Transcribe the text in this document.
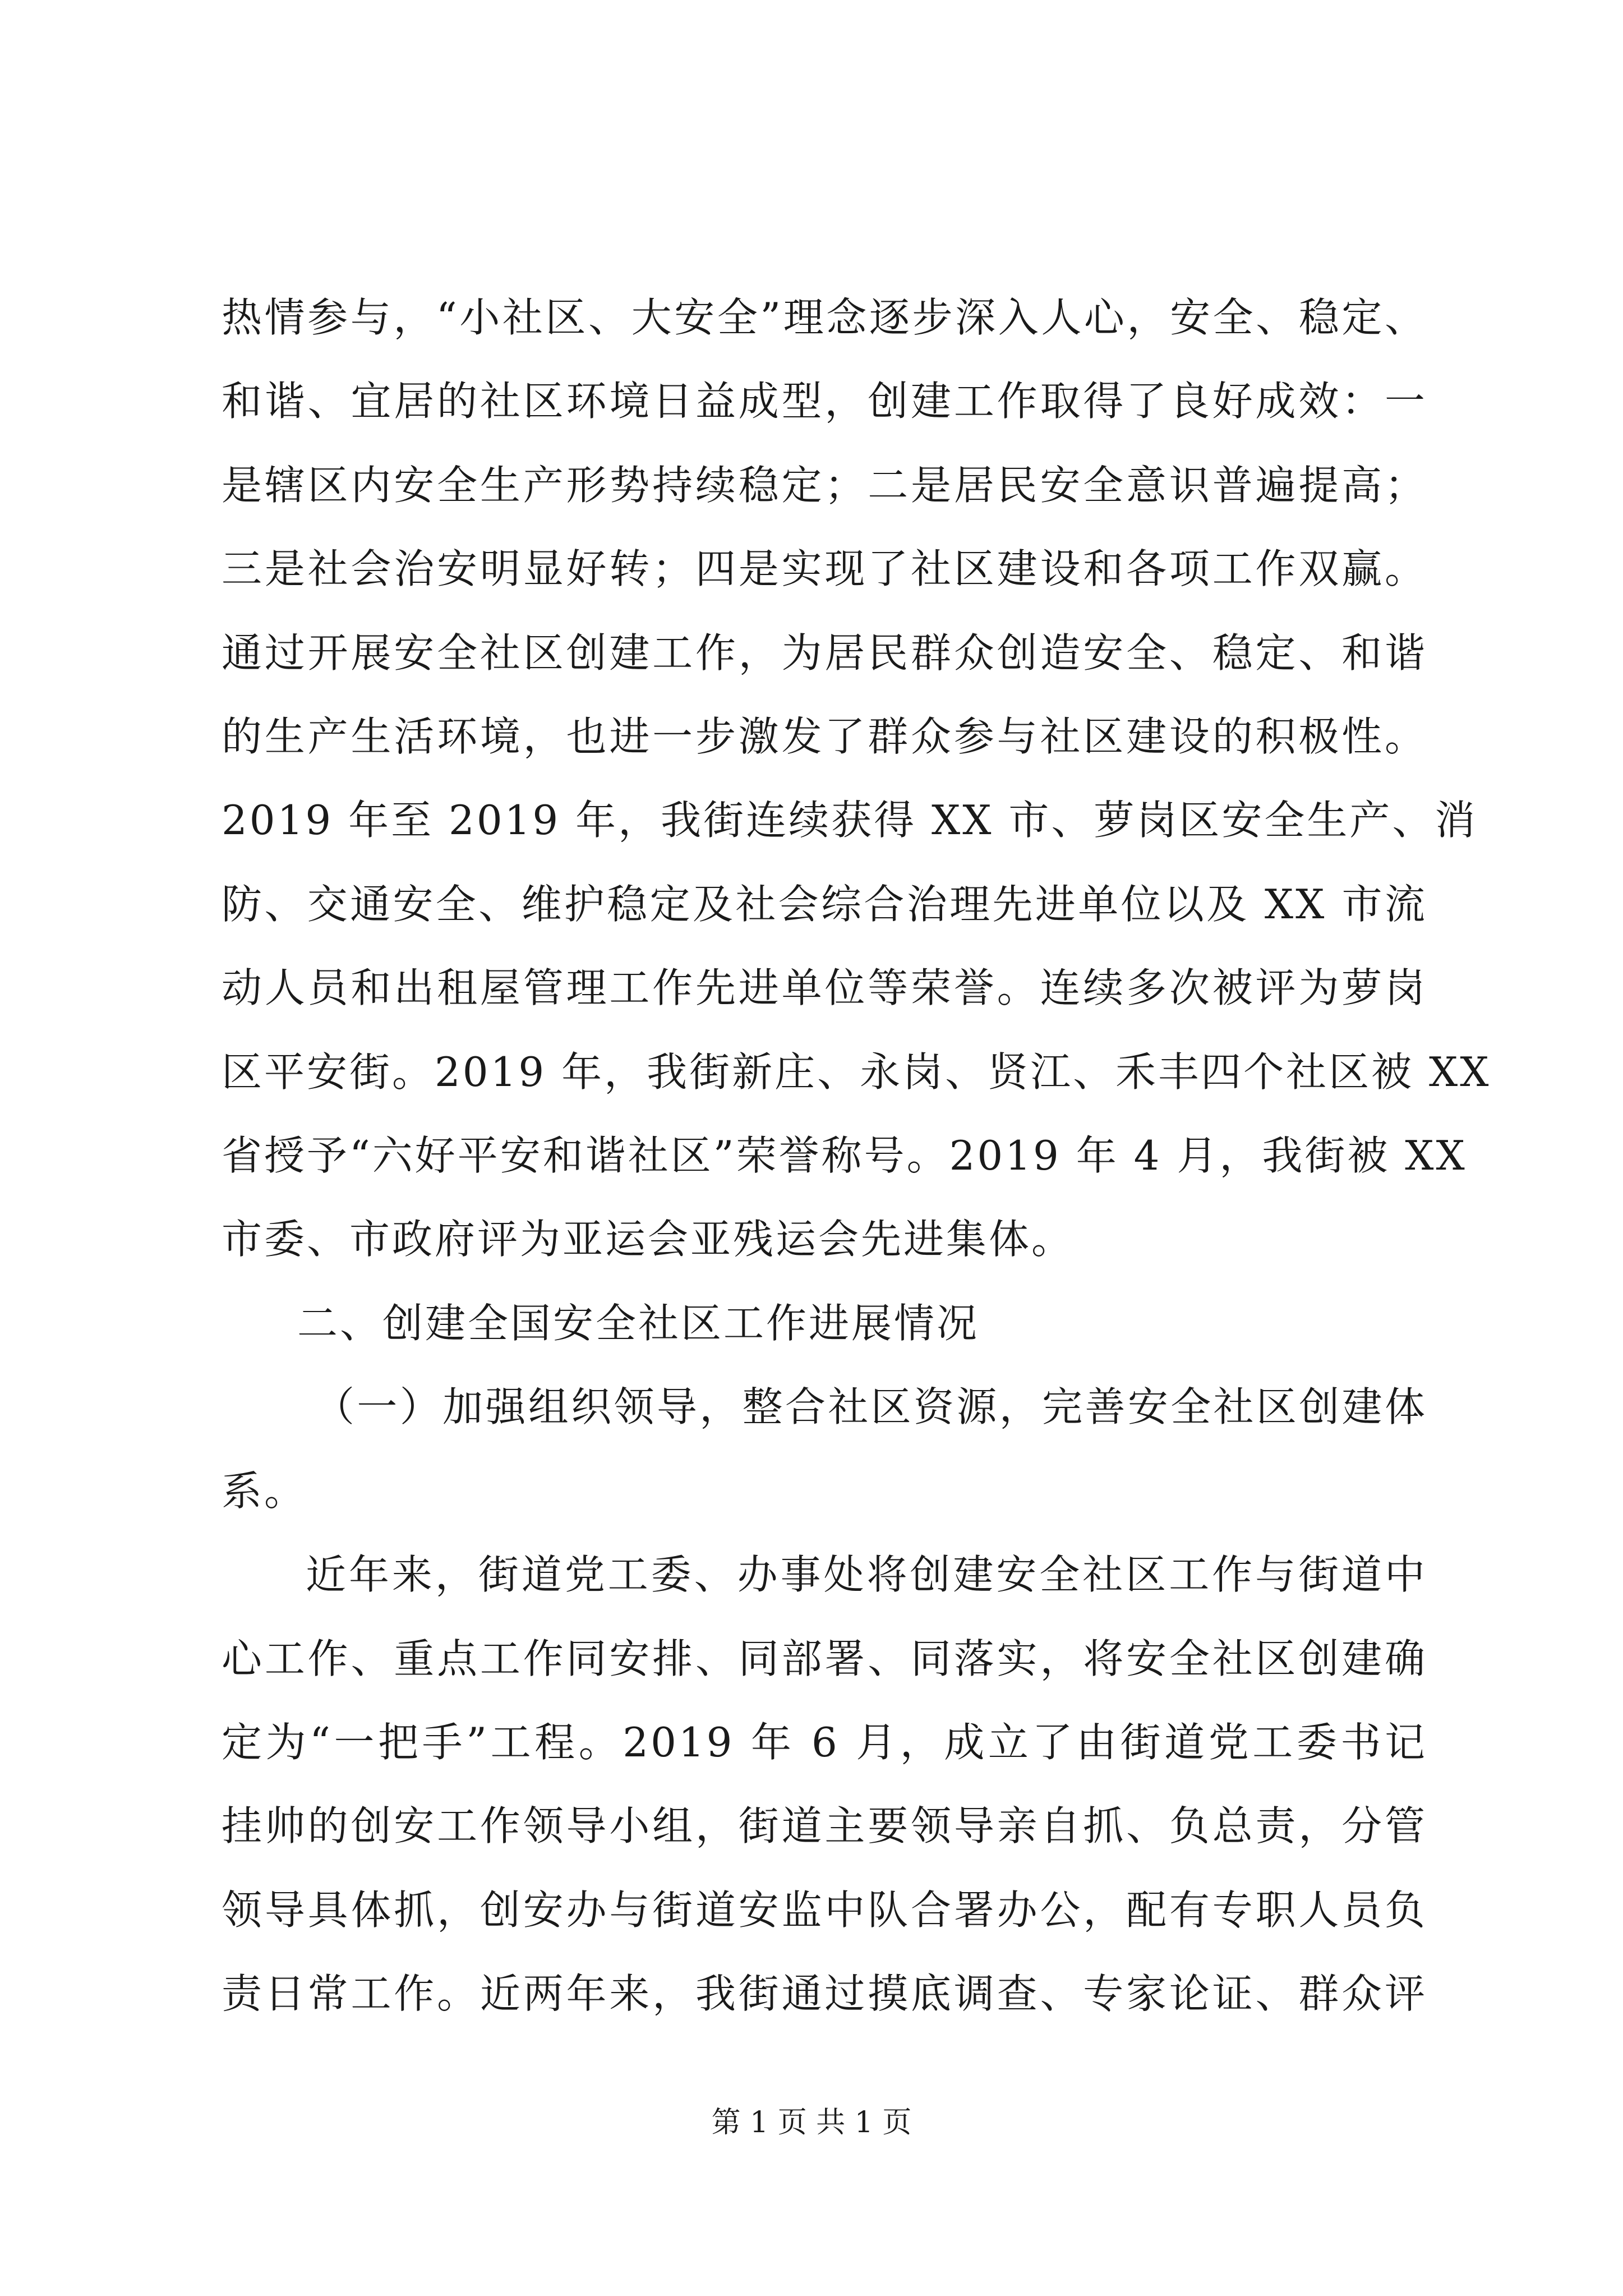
热情参与，“小社区、大安全”理念逐步深入人心，安全、稳定、
和谐、宜居的社区环境日益成型，创建工作取得了良好成效：一
是辖区内安全生产形势持续稳定；二是居民安全意识普遍提高；
三是社会治安明显好转；四是实现了社区建设和各项工作双赢。
通过开展安全社区创建工作，为居民群众创造安全、稳定、和谐
的生产生活环境，也进一步激发了群众参与社区建设的积极性。
2019 年至 2019 年，我街连续获得 XX 市、萝岗区安全生产、消
防、交通安全、维护稳定及社会综合治理先进单位以及 XX 市流
动人员和出租屋管理工作先进单位等荣誉。连续多次被评为萝岗
区平安街。2019 年，我街新庄、永岗、贤江、禾丰四个社区被 XX
省授予“六好平安和谐社区”荣誉称号。2019 年 4 月，我街被 XX
市委、市政府评为亚运会亚残运会先进集体。
二、创建全国安全社区工作进展情况
（一）加强组织领导，整合社区资源，完善安全社区创建体
系。
近年来，街道党工委、办事处将创建安全社区工作与街道中
心工作、重点工作同安排、同部署、同落实，将安全社区创建确
定为“一把手”工程。2019 年 6 月，成立了由街道党工委书记
挂帅的创安工作领导小组，街道主要领导亲自抓、负总责，分管
领导具体抓，创安办与街道安监中队合署办公，配有专职人员负
责日常工作。近两年来，我街通过摸底调查、专家论证、群众评
第 1 页 共 1 页
